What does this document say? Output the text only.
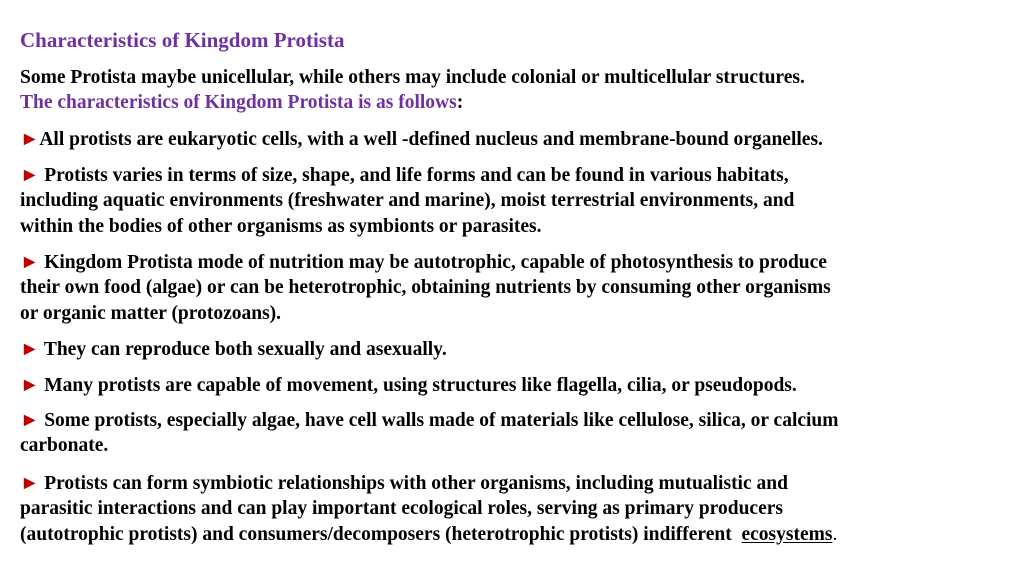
Characteristics of Kingdom Protista
Some Protista maybe unicellular, while others may include colonial or multicellular structures.
The characteristics of Kingdom Protista is as follows:
►All protists are eukaryotic cells, with a well -defined nucleus and membrane-bound organelles.
► Protists varies in terms of size, shape, and life forms and can be found in various habitats,
including aquatic environments (freshwater and marine), moist terrestrial environments, and
within the bodies of other organisms as symbionts or parasites.
► Kingdom Protista mode of nutrition may be autotrophic, capable of photosynthesis to produce
their own food (algae) or can be heterotrophic, obtaining nutrients by consuming other organisms
or organic matter (protozoans).
► They can reproduce both sexually and asexually.
► Many protists are capable of movement, using structures like flagella, cilia, or pseudopods.
► Some protists, especially algae, have cell walls made of materials like cellulose, silica, or calcium
carbonate.
► Protists can form symbiotic relationships with other organisms, including mutualistic and
parasitic interactions and can play important ecological roles, serving as primary producers
(autotrophic protists) and consumers/decomposers (heterotrophic protists) indifferent  ecosystems.
